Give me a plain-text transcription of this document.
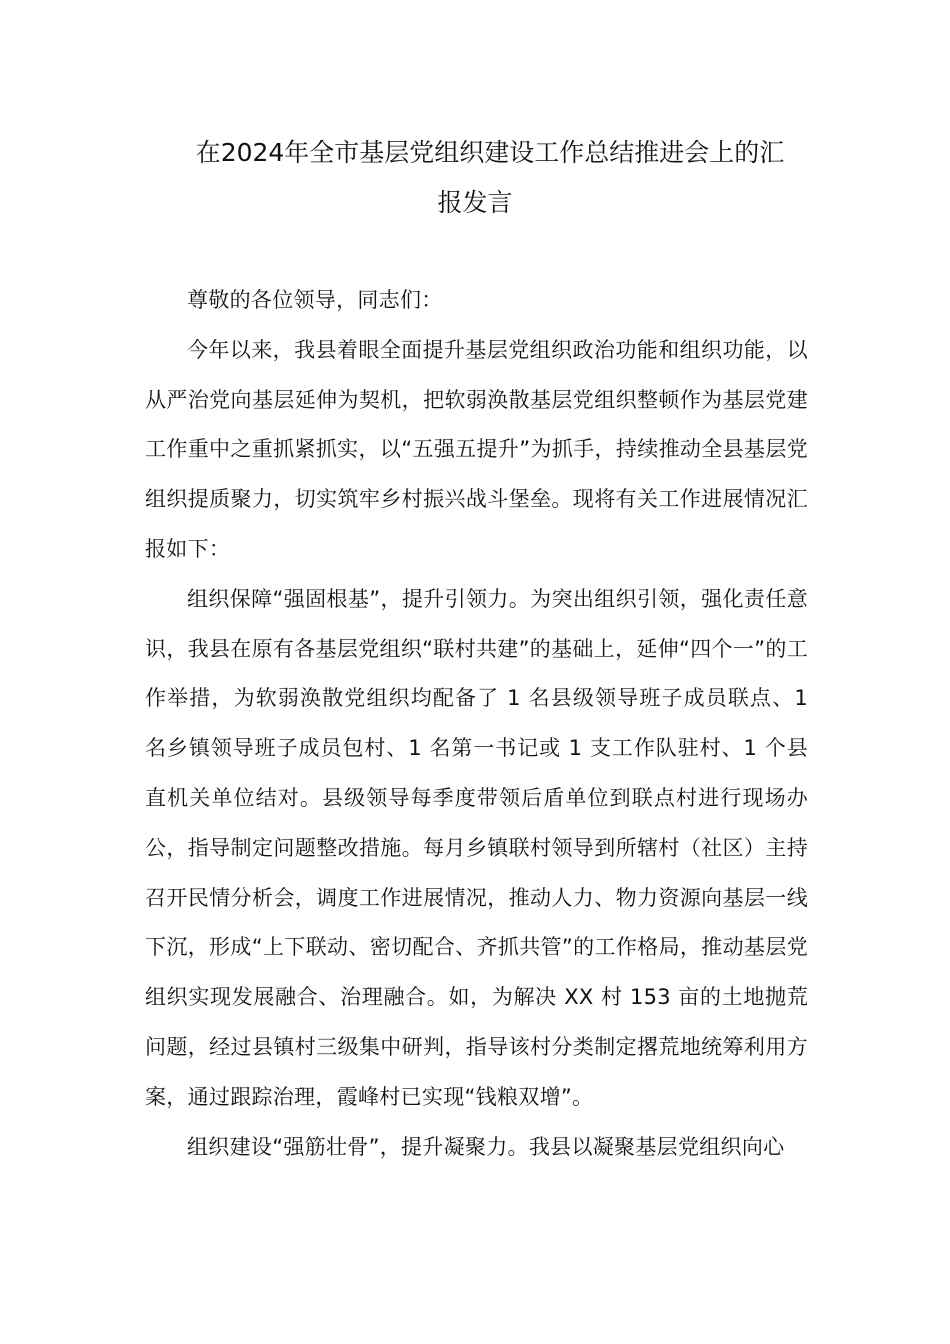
在2024年全市基层党组织建设工作总结推进会上的汇
报发言

尊敬的各位领导，同志们：

今年以来，我县着眼全面提升基层党组织政治功能和组织功能，以从严治党向基层延伸为契机，把软弱涣散基层党组织整顿作为基层党建工作重中之重抓紧抓实，以“五强五提升”为抓手，持续推动全县基层党组织提质聚力，切实筑牢乡村振兴战斗堡垒。现将有关工作进展情况汇报如下：

组织保障“强固根基”，提升引领力。为突出组织引领，强化责任意识，我县在原有各基层党组织“联村共建”的基础上，延伸“四个一”的工作举措，为软弱涣散党组织均配备了 1 名县级领导班子成员联点、1 名乡镇领导班子成员包村、1 名第一书记或 1 支工作队驻村、1 个县直机关单位结对。县级领导每季度带领后盾单位到联点村进行现场办公，指导制定问题整改措施。每月乡镇联村领导到所辖村（社区）主持召开民情分析会，调度工作进展情况，推动人力、物力资源向基层一线下沉，形成“上下联动、密切配合、齐抓共管”的工作格局，推动基层党组织实现发展融合、治理融合。如，为解决 XX 村 153 亩的土地抛荒问题，经过县镇村三级集中研判，指导该村分类制定撂荒地统筹利用方案，通过跟踪治理，霞峰村已实现“钱粮双增”。

组织建设“强筋壮骨”，提升凝聚力。我县以凝聚基层党组织向心
